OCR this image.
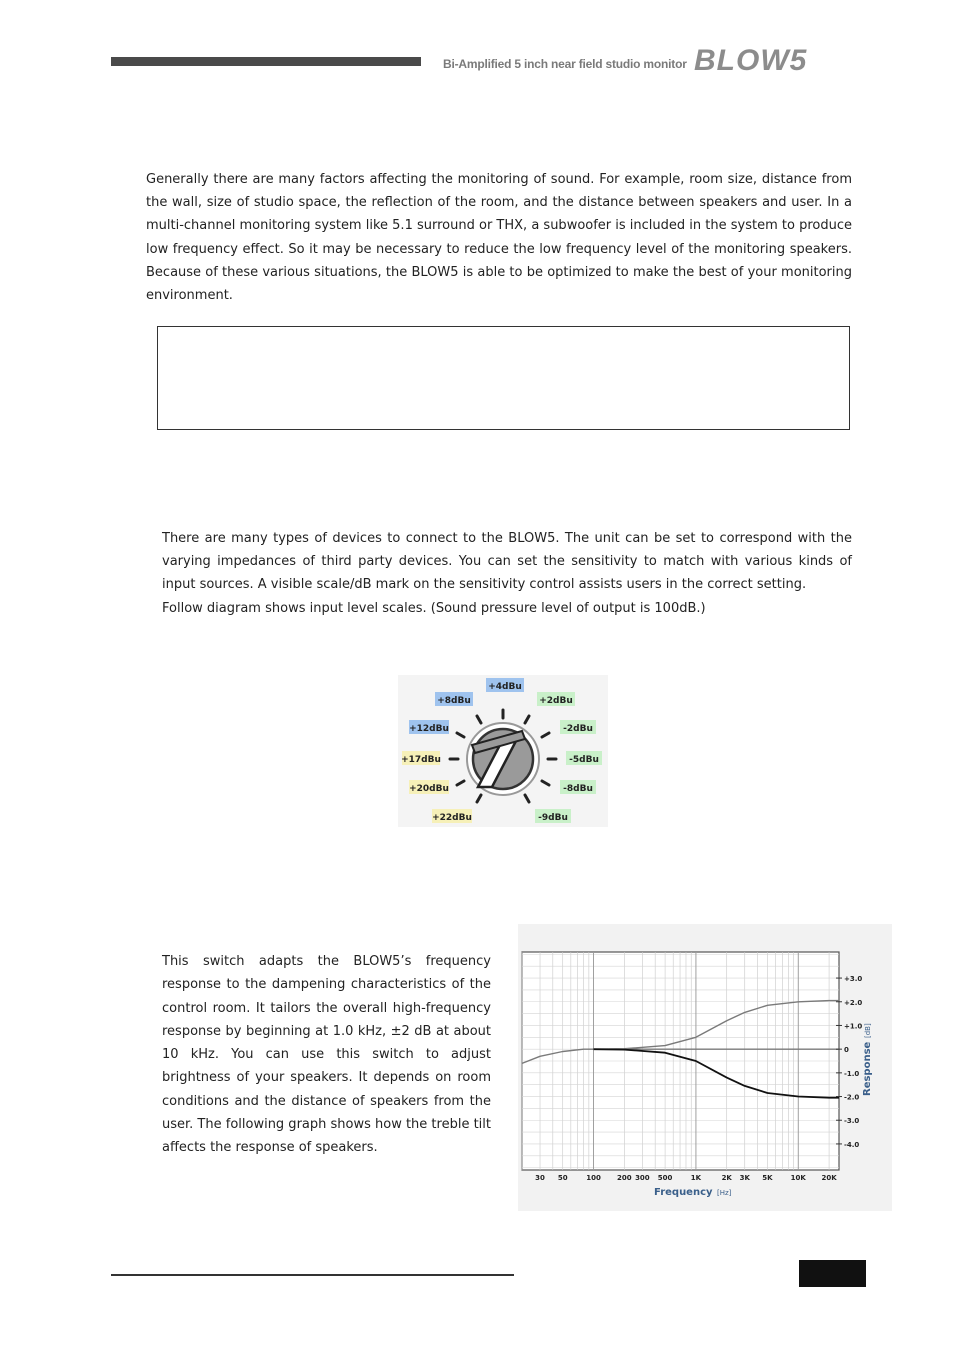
Bi-Amplified 5 inch near field studio monitor BLOW5
Generally there are many factors affecting the monitoring of sound. For example, room size, distance from the wall, size of studio space, the reflection of the room, and the distance between speakers and user. In a multi-channel monitoring system like 5.1 surround or THX, a subwoofer is included in the system to produce low frequency effect. So it may be necessary to reduce the low frequency level of the monitoring speakers. Because of these various situations, the BLOW5 is able to be optimized to make the best of your monitoring environment.
There are many types of devices to connect to the BLOW5. The unit can be set to correspond with the varying impedances of third party devices. You can set the sensitivity to match with various kinds of input sources. A visible scale/dB mark on the sensitivity control assists users in the correct setting.
Follow diagram shows input level scales. (Sound pressure level of output is 100dB.)
+4dBu
+8dBu	+2dBu
+12dBu	-2dBu
+17dBu	-5dBu
+20dBu	-8dBu
+22dBu	-9dBu
This switch adapts the BLOW5’s frequency response to the dampening characteristics of the control room. It tailors the overall high-frequency response by beginning at 1.0 kHz, ±2 dB at about 10 kHz. You can use this switch to adjust brightness of your speakers. It depends on room conditions and the distance of speakers from the user. The following graph shows how the treble tilt affects the response of speakers.
30 50	100 200 300 500	1K	2K 3K 5K	10K 20K
+3.0
+2.0
+1.0
0
-1.0
-2.0
-3.0
-4.0
Frequency [Hz]
Response
[dB]
